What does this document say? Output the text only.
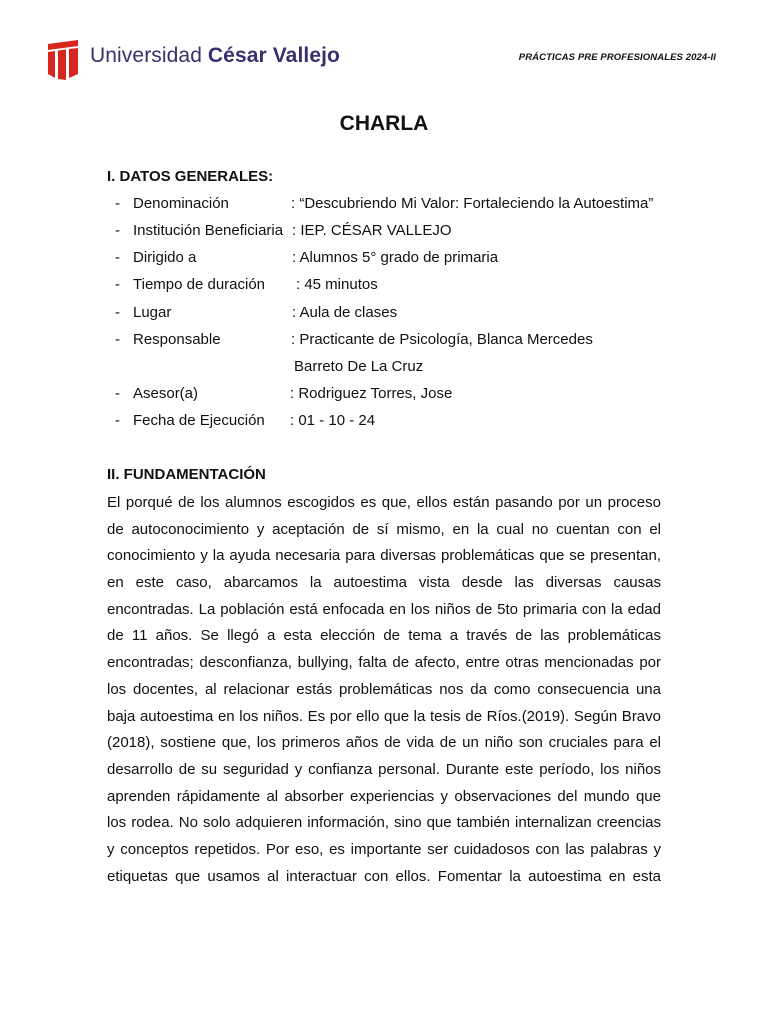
Universidad César Vallejo	PRÁCTICAS PRE PROFESIONALES 2024-II
CHARLA
I. DATOS GENERALES:
- Denominación	: “Descubriendo Mi Valor: Fortaleciendo la Autoestima”
- Institución Beneficiaria : IEP. CÉSAR VALLEJO
- Dirigido a	: Alumnos 5° grado de primaria
- Tiempo de duración : 45 minutos
- Lugar	: Aula de clases
- Responsable	: Practicante de Psicología, Blanca Mercedes
Barreto De La Cruz
- Asesor(a)	: Rodriguez Torres, Jose
- Fecha de Ejecución : 01 - 10 - 24
II. FUNDAMENTACIÓN
El porqué de los alumnos escogidos es que, ellos están pasando por un proceso
de autoconocimiento y aceptación de sí mismo, en la cual no cuentan con el
conocimiento y la ayuda necesaria para diversas problemáticas que se presentan,
en este caso, abarcamos la autoestima vista desde las diversas causas
encontradas. La población está enfocada en los niños de 5to primaria con la edad
de 11 años. Se llegó a esta elección de tema a través de las problemáticas
encontradas; desconfianza, bullying, falta de afecto, entre otras mencionadas por
los docentes, al relacionar estás problemáticas nos da como consecuencia una
baja autoestima en los niños. Es por ello que la tesis de Ríos.(2019). Según Bravo
(2018), sostiene que, los primeros años de vida de un niño son cruciales para el
desarrollo de su seguridad y confianza personal. Durante este período, los niños
aprenden rápidamente al absorber experiencias y observaciones del mundo que
los rodea. No solo adquieren información, sino que también internalizan creencias
y conceptos repetidos. Por eso, es importante ser cuidadosos con las palabras y
etiquetas que usamos al interactuar con ellos. Fomentar la autoestima en esta
